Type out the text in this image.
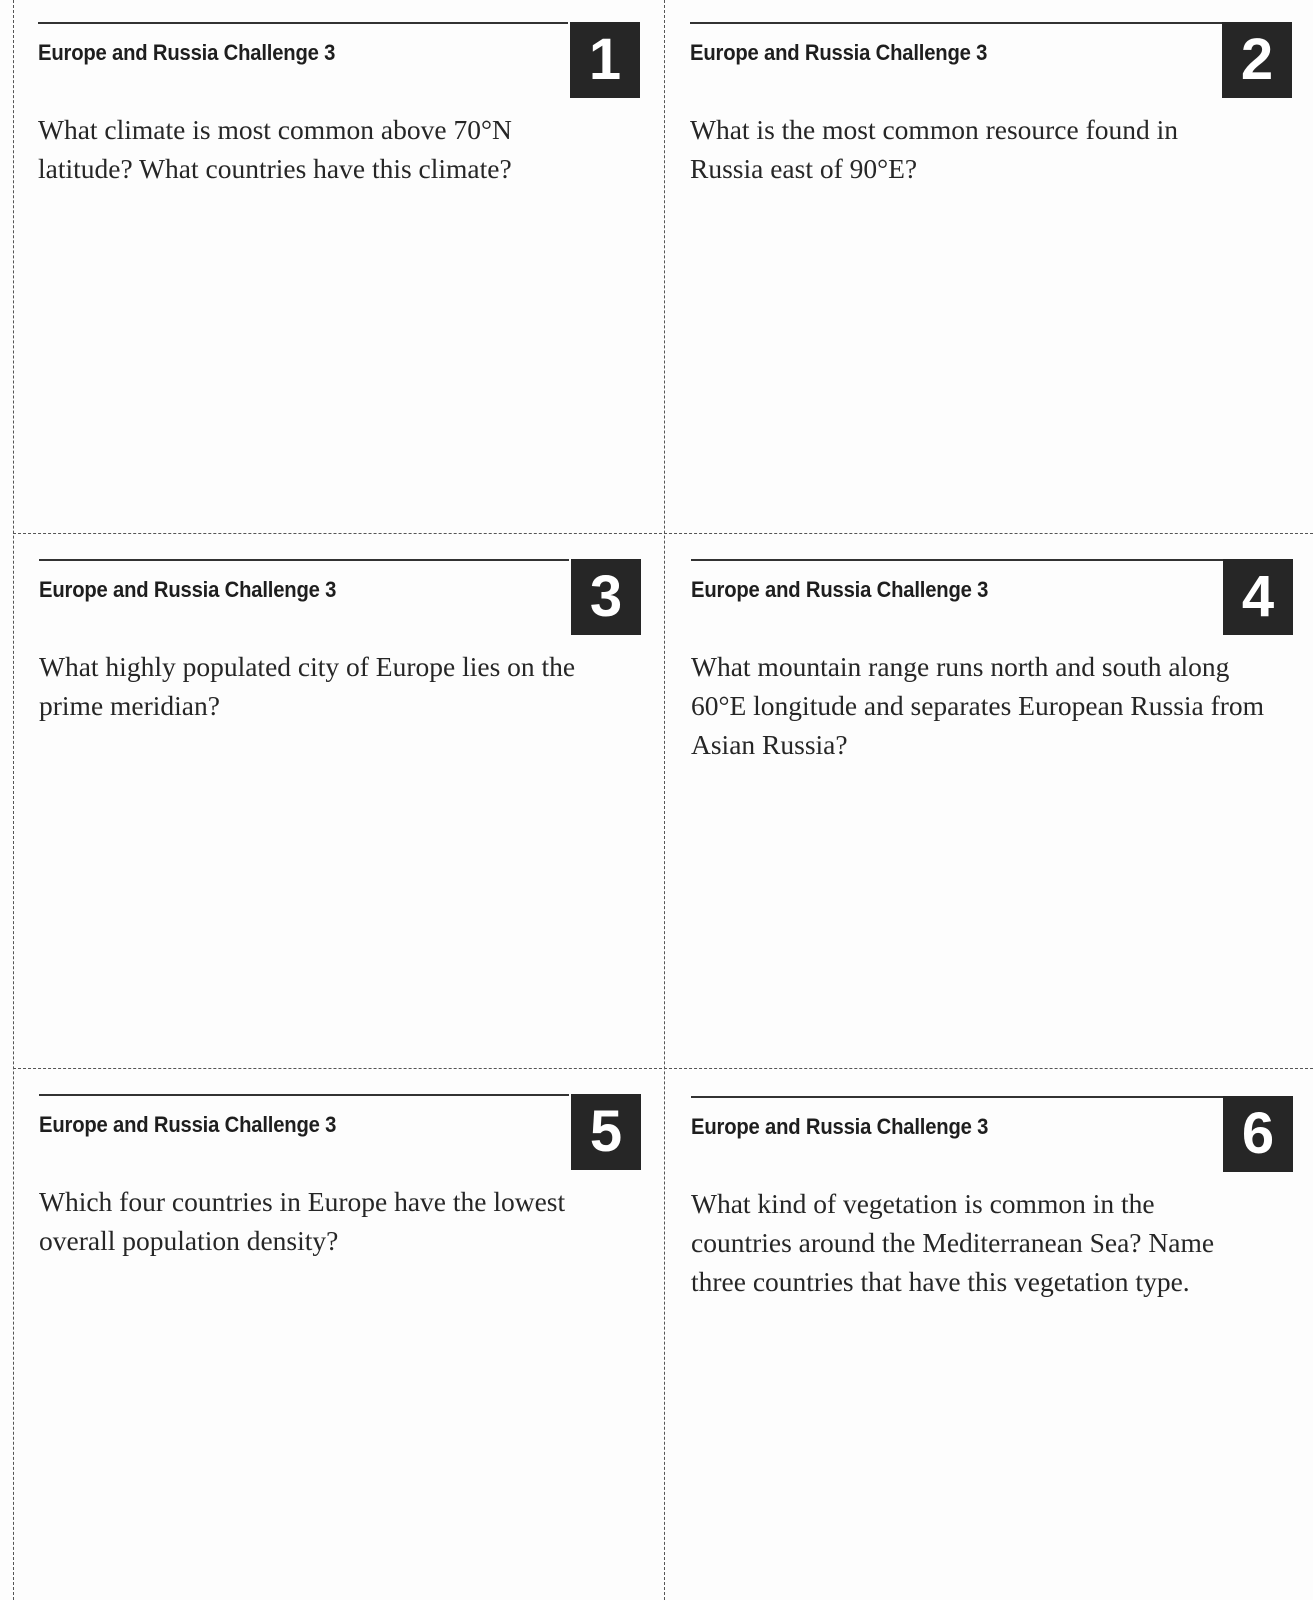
Europe and Russia Challenge 3	1
What climate is most common above 70°N latitude? What countries have this climate?
Europe and Russia Challenge 3	2
What is the most common resource found in Russia east of 90°E?
Europe and Russia Challenge 3	3
What highly populated city of Europe lies on the prime meridian?
Europe and Russia Challenge 3	4
What mountain range runs north and south along 60°E longitude and separates European Russia from Asian Russia?
Europe and Russia Challenge 3	5
Which four countries in Europe have the lowest overall population density?
Europe and Russia Challenge 3	6
What kind of vegetation is common in the countries around the Mediterranean Sea? Name three countries that have this vegetation type.
